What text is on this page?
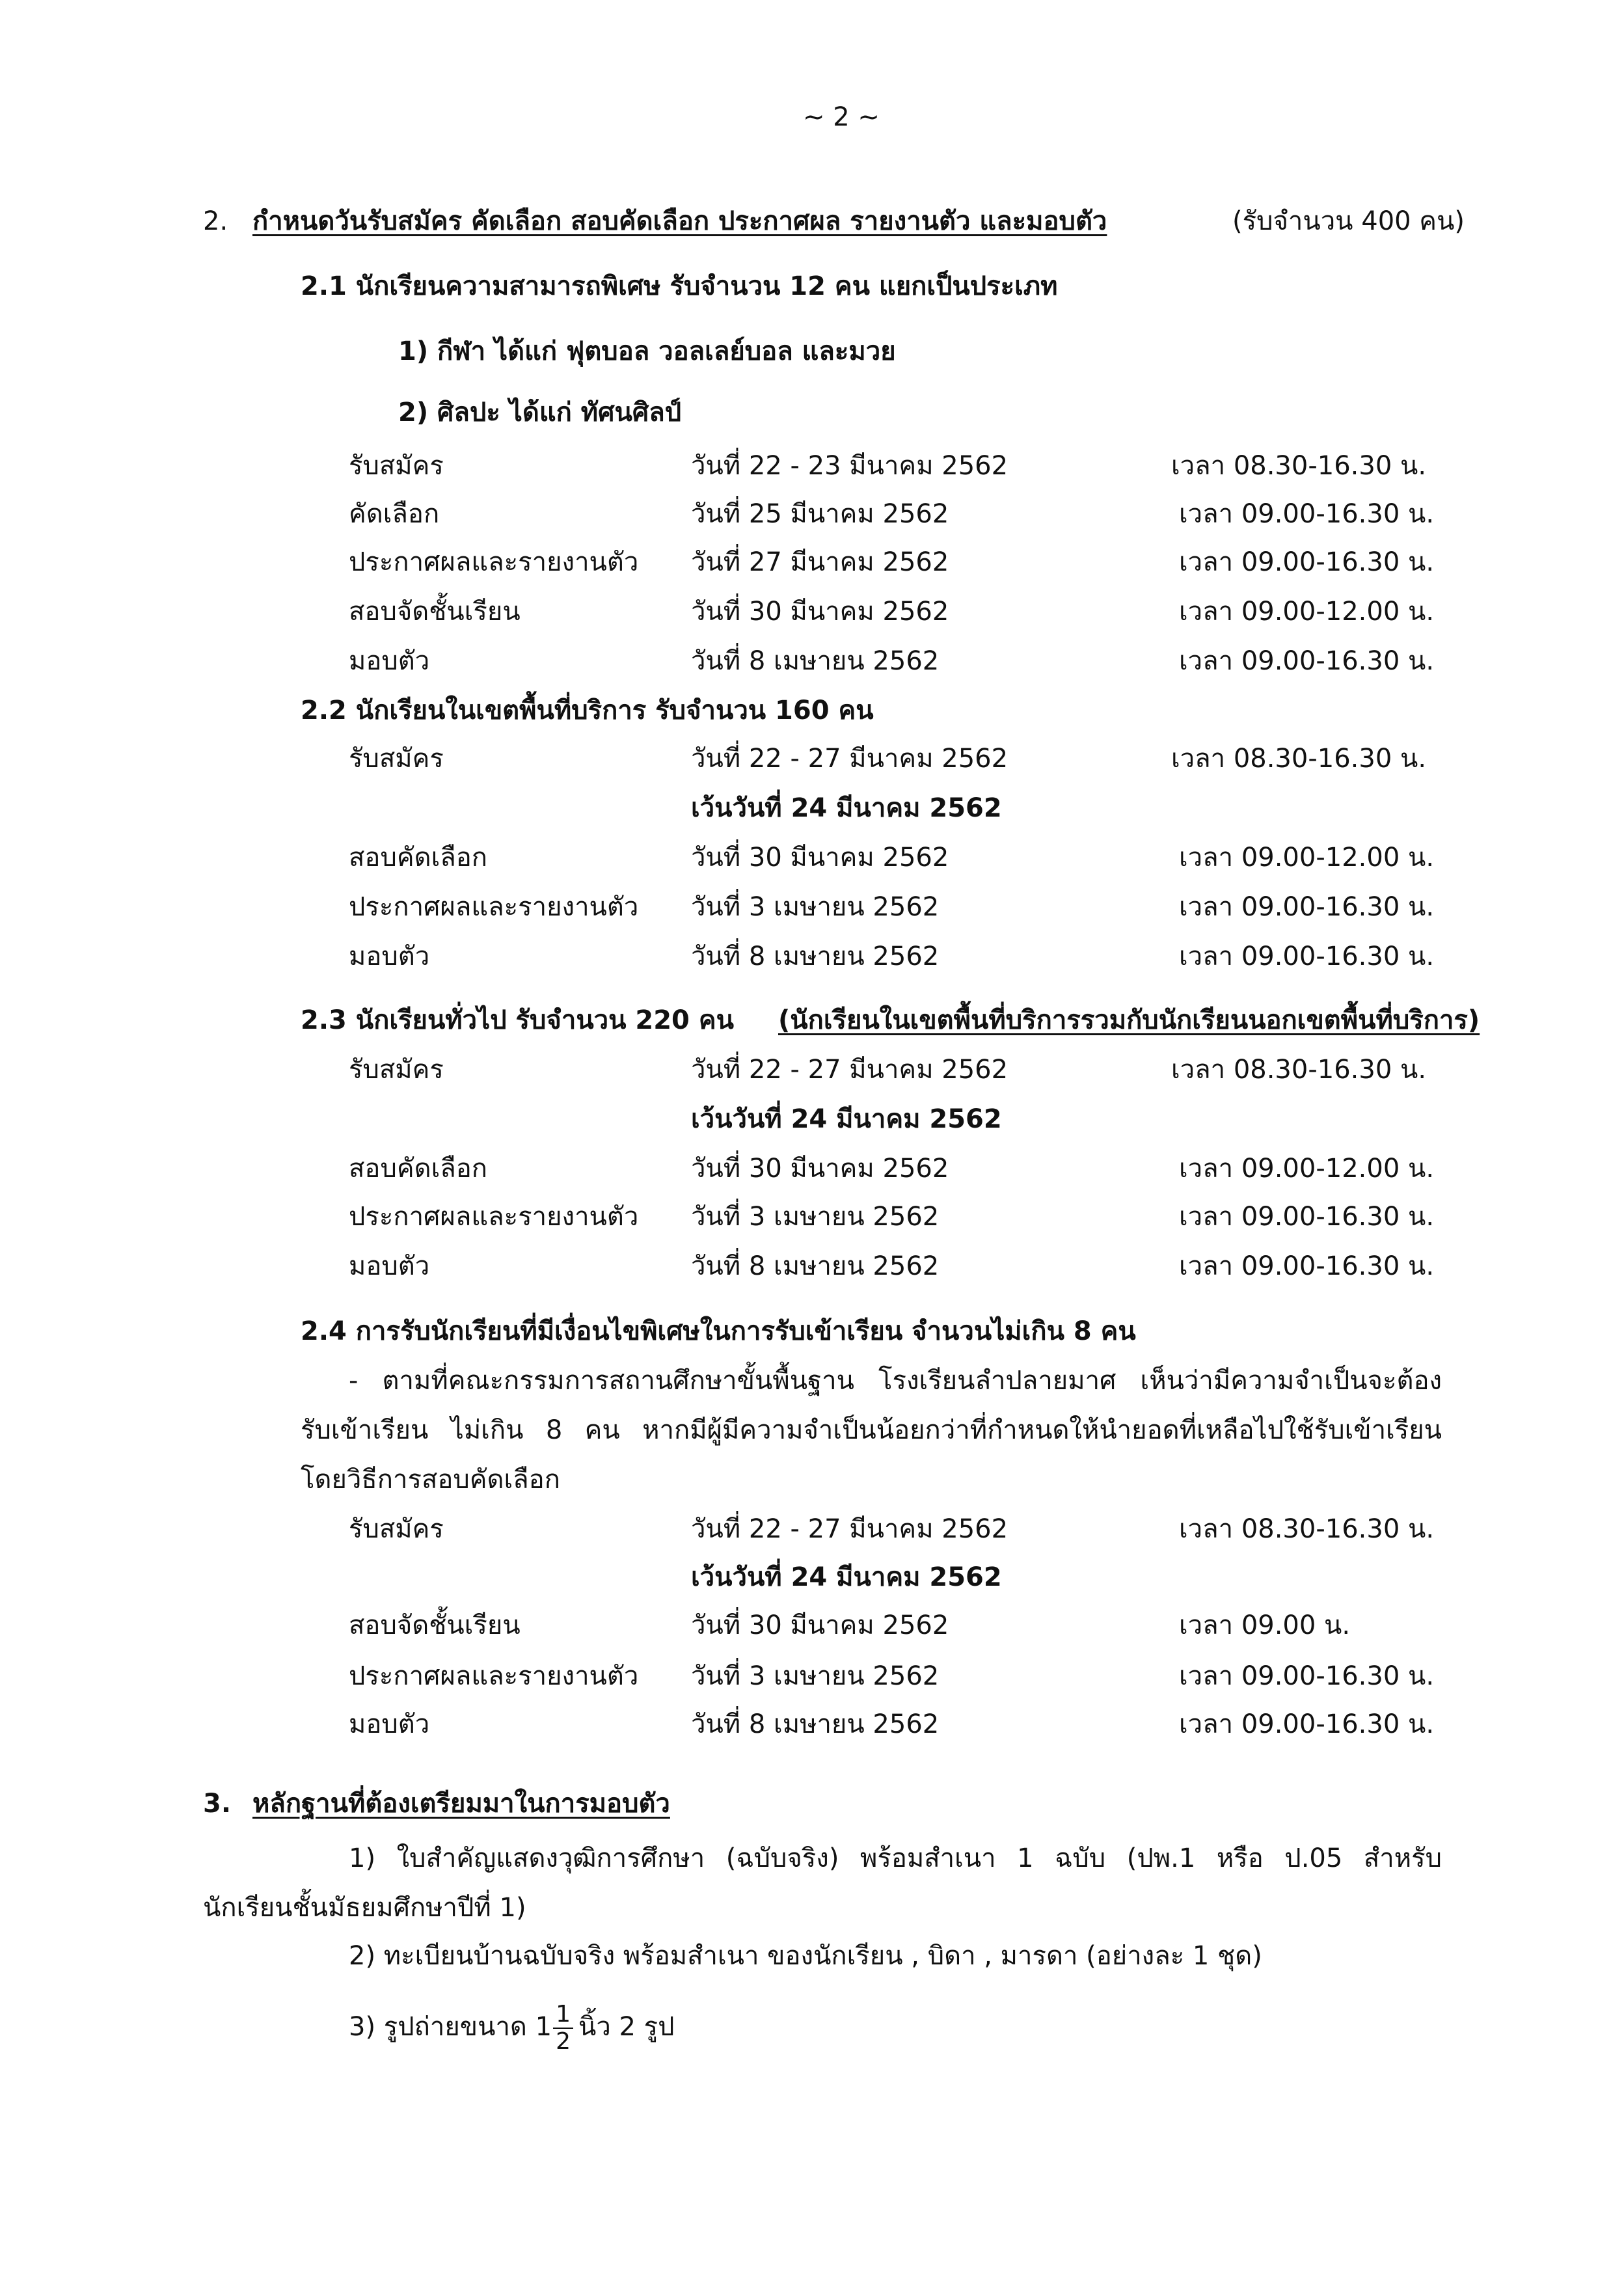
~ 2 ~
2. กำหนดวันรับสมัคร คัดเลือก สอบคัดเลือก ประกาศผล รายงานตัว และมอบตัว	(รับจำนวน 400 คน)
2.1 นักเรียนความสามารถพิเศษ รับจำนวน 12 คน แยกเป็นประเภท
1) กีฬา ได้แก่ ฟุตบอล วอลเลย์บอล และมวย
2) ศิลปะ ได้แก่ ทัศนศิลป์
รับสมัคร	วันที่ 22 - 23 มีนาคม 2562	เวลา 08.30-16.30 น.
คัดเลือก	วันที่ 25 มีนาคม 2562	เวลา 09.00-16.30 น.
ประกาศผลและรายงานตัว วันที่ 27 มีนาคม 2562	เวลา 09.00-16.30 น.
สอบจัดชั้นเรียน	วันที่ 30 มีนาคม 2562	เวลา 09.00-12.00 น.
มอบตัว	วันที่ 8 เมษายน 2562	เวลา 09.00-16.30 น.
2.2 นักเรียนในเขตพื้นที่บริการ รับจำนวน 160 คน
รับสมัคร	วันที่ 22 - 27 มีนาคม 2562	เวลา 08.30-16.30 น.
เว้นวันที่ 24 มีนาคม 2562
สอบคัดเลือก	วันที่ 30 มีนาคม 2562	เวลา 09.00-12.00 น.
ประกาศผลและรายงานตัว วันที่ 3 เมษายน 2562	เวลา 09.00-16.30 น.
มอบตัว	วันที่ 8 เมษายน 2562	เวลา 09.00-16.30 น.
2.3 นักเรียนทั่วไป รับจำนวน 220 คน (นักเรียนในเขตพื้นที่บริการรวมกับนักเรียนนอกเขตพื้นที่บริการ)
รับสมัคร	วันที่ 22 - 27 มีนาคม 2562	เวลา 08.30-16.30 น.
เว้นวันที่ 24 มีนาคม 2562
สอบคัดเลือก	วันที่ 30 มีนาคม 2562	เวลา 09.00-12.00 น.
ประกาศผลและรายงานตัว วันที่ 3 เมษายน 2562	เวลา 09.00-16.30 น.
มอบตัว	วันที่ 8 เมษายน 2562	เวลา 09.00-16.30 น.
2.4 การรับนักเรียนที่มีเงื่อนไขพิเศษในการรับเข้าเรียน จำนวนไม่เกิน 8 คน
- ตามที่คณะกรรมการสถานศึกษาขั้นพื้นฐาน โรงเรียนลำปลายมาศ เห็นว่ามีความจำเป็นจะต้อง
รับเข้าเรียน ไม่เกิน 8 คน หากมีผู้มีความจำเป็นน้อยกว่าที่กำหนดให้นำยอดที่เหลือไปใช้รับเข้าเรียน
โดยวิธีการสอบคัดเลือก
รับสมัคร	วันที่ 22 - 27 มีนาคม 2562	เวลา 08.30-16.30 น.
เว้นวันที่ 24 มีนาคม 2562
สอบจัดชั้นเรียน	วันที่ 30 มีนาคม 2562	เวลา 09.00 น.
ประกาศผลและรายงานตัว วันที่ 3 เมษายน 2562	เวลา 09.00-16.30 น.
มอบตัว	วันที่ 8 เมษายน 2562	เวลา 09.00-16.30 น.
3. หลักฐานที่ต้องเตรียมมาในการมอบตัว
1) ใบสำคัญแสดงวุฒิการศึกษา (ฉบับจริง) พร้อมสำเนา 1 ฉบับ (ปพ.1 หรือ ป.05 สำหรับ
นักเรียนชั้นมัธยมศึกษาปีที่ 1)
2) ทะเบียนบ้านฉบับจริง พร้อมสำเนา ของนักเรียน , บิดา , มารดา (อย่างละ 1 ชุด)
3) รูปถ่ายขนาด $1 \frac{1}{2}$ นิ้ว 2 รูป
